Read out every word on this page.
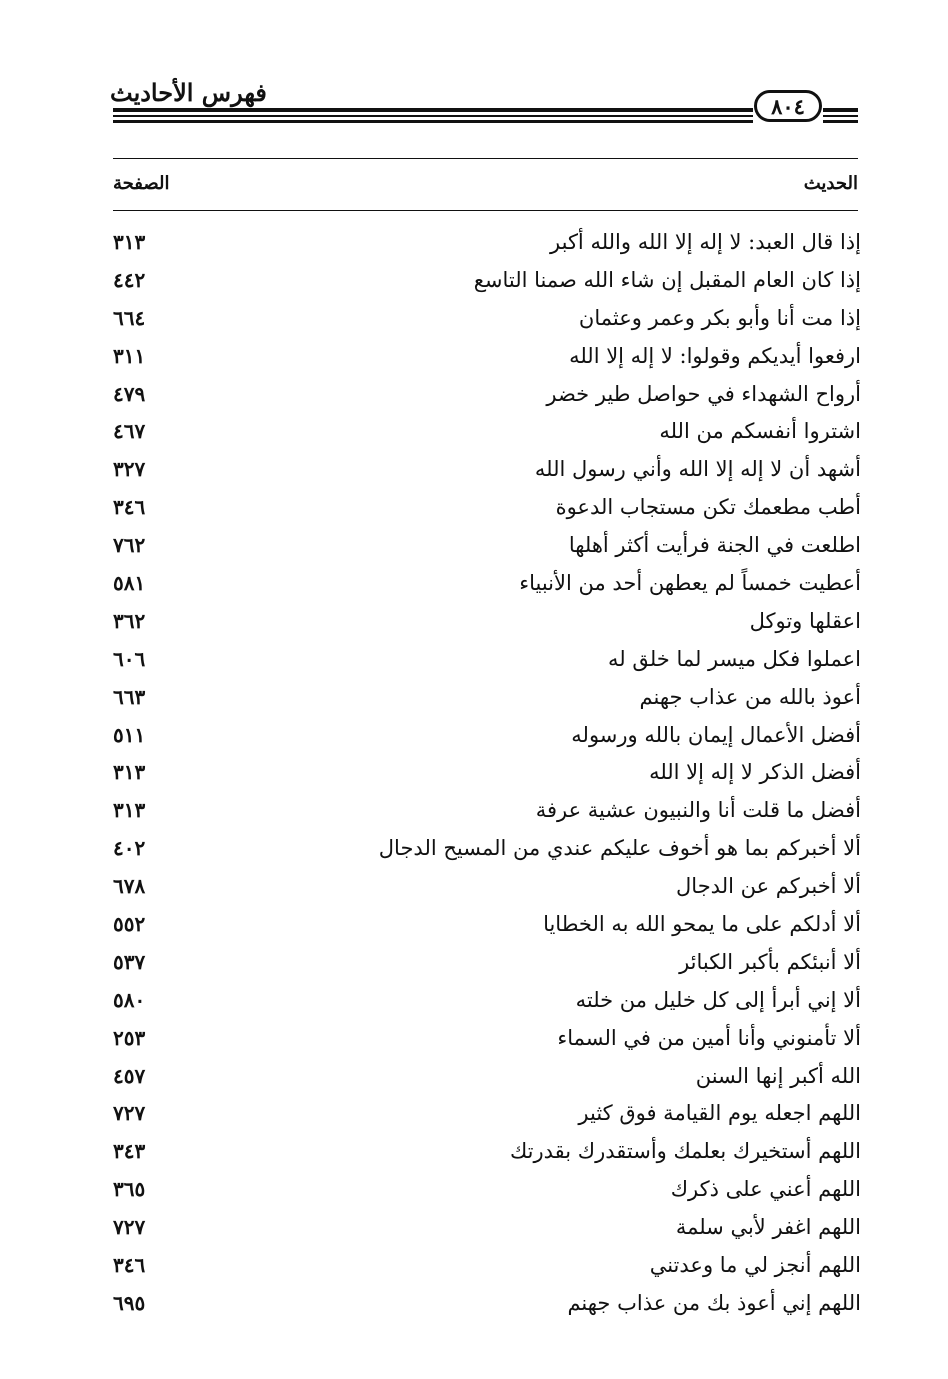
فهرس الأحاديث	٨٠٤
الحديث
الصفحة
إذا قال العبد: لا إله إلا الله والله أكبر
٣١٣
إذا كان العام المقبل إن شاء الله صمنا التاسع
٤٤٢
إذا مت أنا وأبو بكر وعمر وعثمان
٦٦٤
ارفعوا أيديكم وقولوا: لا إله إلا الله
٣١١
أرواح الشهداء في حواصل طير خضر
٤٧٩
اشتروا أنفسكم من الله
٤٦٧
أشهد أن لا إله إلا الله وأني رسول الله
٣٢٧
أطب مطعمك تكن مستجاب الدعوة
٣٤٦
اطلعت في الجنة فرأيت أكثر أهلها
٧٦٢
أعطيت خمساً لم يعطهن أحد من الأنبياء
٥٨١
اعقلها وتوكل
٣٦٢
اعملوا فكل ميسر لما خلق له
٦٠٦
أعوذ بالله من عذاب جهنم
٦٦٣
أفضل الأعمال إيمان بالله ورسوله
٥١١
أفضل الذكر لا إله إلا الله
٣١٣
أفضل ما قلت أنا والنبيون عشية عرفة
٣١٣
ألا أخبركم بما هو أخوف عليكم عندي من المسيح الدجال
٤٠٢
ألا أخبركم عن الدجال
٦٧٨
ألا أدلكم على ما يمحو الله به الخطايا
٥٥٢
ألا أنبئكم بأكبر الكبائر
٥٣٧
ألا إني أبرأ إلى كل خليل من خلته
٥٨٠
ألا تأمنوني وأنا أمين من في السماء
٢٥٣
الله أكبر إنها السنن
٤٥٧
اللهم اجعله يوم القيامة فوق كثير
٧٢٧
اللهم أستخيرك بعلمك وأستقدرك بقدرتك
٣٤٣
اللهم أعني على ذكرك
٣٦٥
اللهم اغفر لأبي سلمة
٧٢٧
اللهم أنجز لي ما وعدتني
٣٤٦
اللهم إني أعوذ بك من عذاب جهنم
٦٩٥
